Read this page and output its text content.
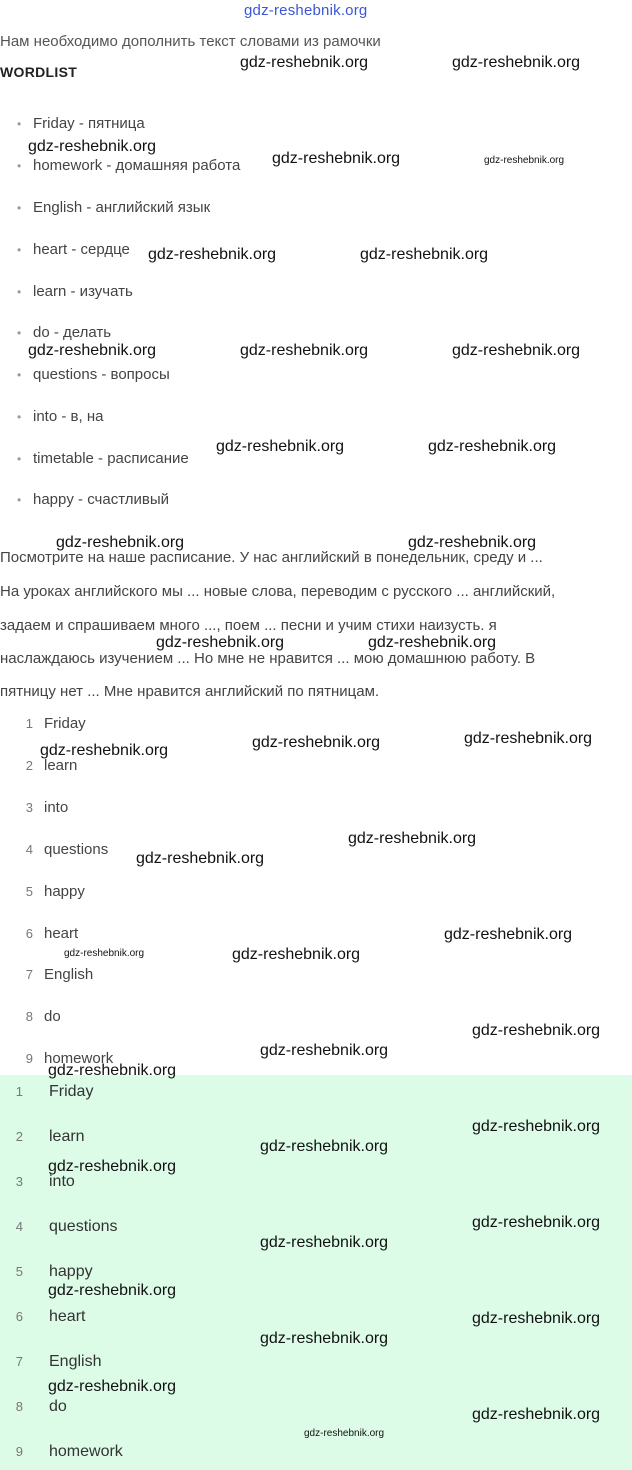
gdz-reshebnik.org
Нам необходимо дополнить текст словами из рамочки
WORDLIST
• Friday - пятница
• homework - домашняя работа
• English - английский язык
• heart - сердце
• learn - изучать
• do - делать
• questions - вопросы
• into - в, на
• timetable - расписание
• happy - счастливый
Посмотрите на наше расписание. У нас английский в понедельник, среду и ...
На уроках английского мы ... новые слова, переводим с русского ... английский,
задаем и спрашиваем много ..., поем ... песни и учим стихи наизусть. я
наслаждаюсь изучением ... Но мне не нравится ... мою домашнюю работу. В
пятницу нет ... Мне нравится английский по пятницам.
1 Friday
2 learn
3 into
4 questions
5 happy
6 heart
7 English
8 do
9 homework
1 Friday
2 learn
3 into
4 questions
5 happy
6 heart
7 English
8 do
9 homework
gdz-reshebnik.org	gdz-reshebnik.org
gdz-reshebnik.org
gdz-reshebnik.org	gdz-reshebnik.org
gdz-reshebnik.org	gdz-reshebnik.org
gdz-reshebnik.org	gdz-reshebnik.org	gdz-reshebnik.org
gdz-reshebnik.org	gdz-reshebnik.org
gdz-reshebnik.org	gdz-reshebnik.org
gdz-reshebnik.org	gdz-reshebnik.org
gdz-reshebnik.org	gdz-reshebnik.org	gdz-reshebnik.org
gdz-reshebnik.org
gdz-reshebnik.org
gdz-reshebnik.org
gdz-reshebnik.org	gdz-reshebnik.org
gdz-reshebnik.org
gdz-reshebnik.org
gdz-reshebnik.org
gdz-reshebnik.org
gdz-reshebnik.org
gdz-reshebnik.org
gdz-reshebnik.org
gdz-reshebnik.org
gdz-reshebnik.org
gdz-reshebnik.org
gdz-reshebnik.org
gdz-reshebnik.org
gdz-reshebnik.org
gdz-reshebnik.org
